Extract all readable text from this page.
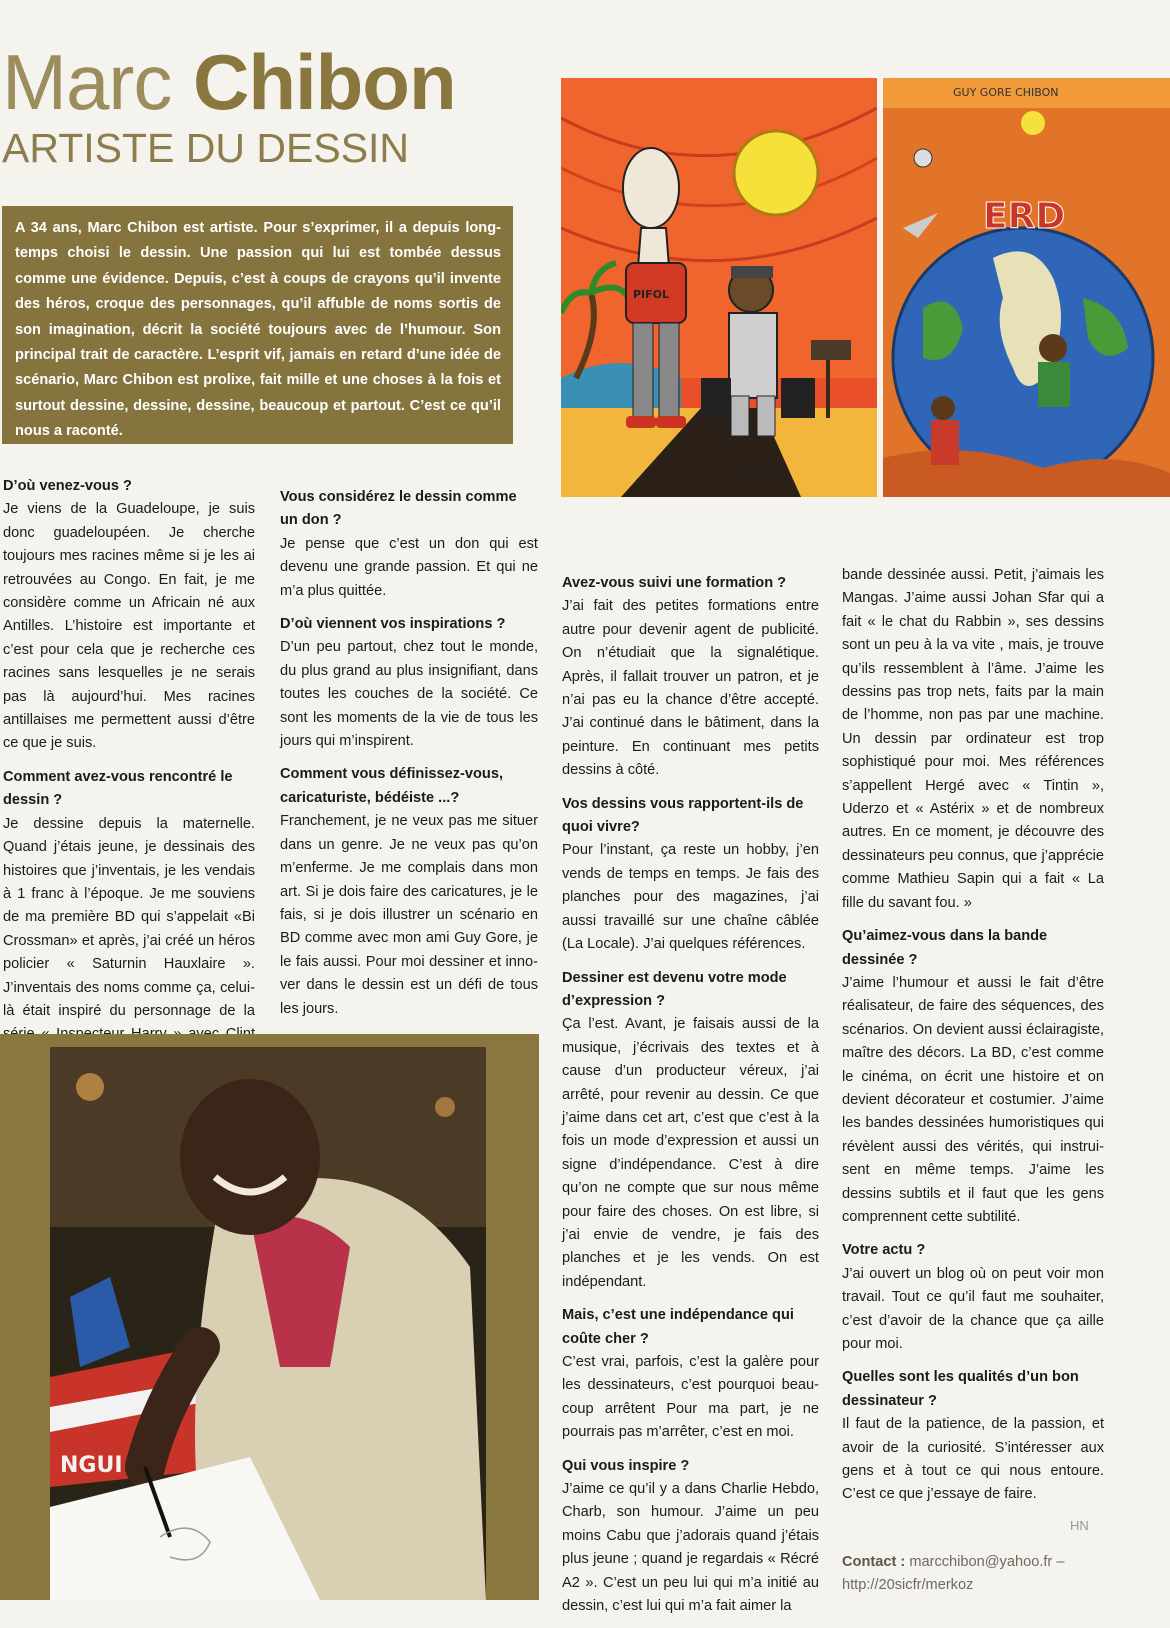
Marc Chibon
ARTISTE DU DESSIN

A 34 ans, Marc Chibon est artiste. Pour s’exprimer, il a depuis longtemps choisi le dessin. Une passion qui lui est tombée dessus comme une évidence. Depuis, c’est à coups de crayons qu’il invente des héros, croque des personnages, qu’il affuble de noms sortis de son imagination, décrit la société toujours avec de l’humour. Son principal trait de caractère. L’esprit vif, jamais en retard d’une idée de scénario, Marc Chibon est prolixe, fait mille et une choses à la fois et surtout dessine, dessine, dessine, beaucoup et partout. C’est ce qu’il nous a raconté.

PIFOL
MARC
GUY GORE CHIBON
ERD

D’où venez-vous ?

Je viens de la Guadeloupe, je suis donc guadeloupéen. Je cherche toujours mes racines même si je les ai retrouvées au Congo. En fait, je me considère comme un Africain né aux Antilles. L’histoire est importante et c’est pour cela que je recherche ces racines sans lesquelles je ne serais pas là aujourd’hui. Mes racines antillaises me permettent aussi d’être ce que je suis.

Comment avez-vous rencontré le dessin ?

Je dessine depuis la maternelle. Quand j’étais jeune, je dessinais des histoires que j’inventais, je les vendais à 1 franc à l’époque. Je me souviens de ma première BD qui s’appelait «Bi Crossman» et après, j’ai créé un héros policier « Saturnin Hauxlaire ». J’inventais des noms comme ça, celui-là était inspiré du personnage de la

Vous considérez le dessin comme un don ?

Je pense que c’est un don qui est devenu une grande passion. Et qui ne m’a plus quittée.

D’où viennent vos inspirations ?

D’un peu partout, chez tout le monde, du plus grand au plus insignifiant, dans toutes les couches de la société. Ce sont les moments de la vie de tous les jours qui m’inspirent.

Comment vous définissez-vous, caricaturiste, bédéiste ...?

Franchement, je ne veux pas me situer dans un genre. Je ne veux pas qu’on m’enferme. Je me complais dans mon art. Si je dois faire des caricatures, je le fais, si je dois illustrer un scénario en BD comme avec mon ami Guy Gore, je le fais aussi. Pour moi dessiner et innover dans le dessin est un défi de tous les jours.

Avez-vous suivi une formation ?

J’ai fait des petites formations entre autre pour devenir agent de publicité. On n’étudiait que la signalétique. Après, il fallait trouver un patron, et je n’ai pas eu la chance d’être accepté. J’ai continué dans le bâtiment, dans la peinture. En continuant mes petits dessins à côté.

Vos dessins vous rapportent-ils de quoi vivre?

Pour l’instant, ça reste un hobby, j’en vends de temps en temps. Je fais des planches pour des magazines, j’ai aussi travaillé sur une chaîne câblée (La Locale). J’ai quelques références.

Dessiner est devenu votre mode d’expression ?

Ça l’est. Avant, je faisais aussi de la musique, j’écrivais des textes et à cause d’un producteur véreux, j’ai arrêté, pour revenir au dessin. Ce que j’aime dans cet art, c’est que c’est à la fois un mode d’expression et aussi un signe d’indépendance. C’est à dire qu’on ne compte que sur nous même pour faire des choses. On est libre, si j’ai envie de vendre, je fais des planches et je les vends. On est indépendant.

Mais, c’est une indépendance qui coûte cher ?

C’est vrai, parfois, c’est la galère pour les dessinateurs, c’est pourquoi beaucoup arrêtent Pour ma part, je ne pourrais pas m’arrêter, c’est en moi.

Qui vous inspire ?

J’aime ce qu’il y a dans Charlie Hebdo, Charb, son humour. J’aime un peu moins Cabu que j’adorais quand j’étais plus jeune ; quand je regardais « Récré A2 ». C’est un peu lui qui m’a initié au dessin, c’est lui qui m’a fait aimer la

bande dessinée aussi. Petit, j’aimais les Mangas. J’aime aussi Johan Sfar qui a fait « le chat du Rabbin », ses dessins sont un peu à la va vite , mais, je trouve qu’ils ressemblent à l’âme. J’aime les dessins pas trop nets, faits par la main de l’homme, non pas par une machine. Un dessin par ordinateur est trop sophistiqué pour moi. Mes références s’appellent Hergé avec « Tintin », Uderzo et « Astérix » et de nombreux autres. En ce moment, je découvre des dessinateurs peu connus, que j’apprécie comme Mathieu Sapin qui a fait « La fille du savant fou. »

Qu’aimez-vous dans la bande dessinée ?

J’aime l’humour et aussi le fait d’être réalisateur, de faire des séquences, des scénarios. On devient aussi éclairagiste, maître des décors. La BD, c’est comme le cinéma, on écrit une histoire et on devient décorateur et costumier. J’aime les bandes dessinées humoristiques qui révèlent aussi des vérités, qui instruisent en même temps. J’aime les dessins subtils et il faut que les gens comprennent cette subtilité.

Votre actu ?

J’ai ouvert un blog où on peut voir mon travail. Tout ce qu’il faut me souhaiter, c’est d’avoir de la chance que ça aille pour moi.

Quelles sont les qualités d’un bon dessinateur ?

Il faut de la patience, de la passion, et avoir de la curiosité. S’intéresser aux gens et à tout ce qui nous entoure. C’est ce que j’essaye de faire.

HN
Contact : marcchibon@yahoo.fr – http://20sicfr/merkoz
NGUI
